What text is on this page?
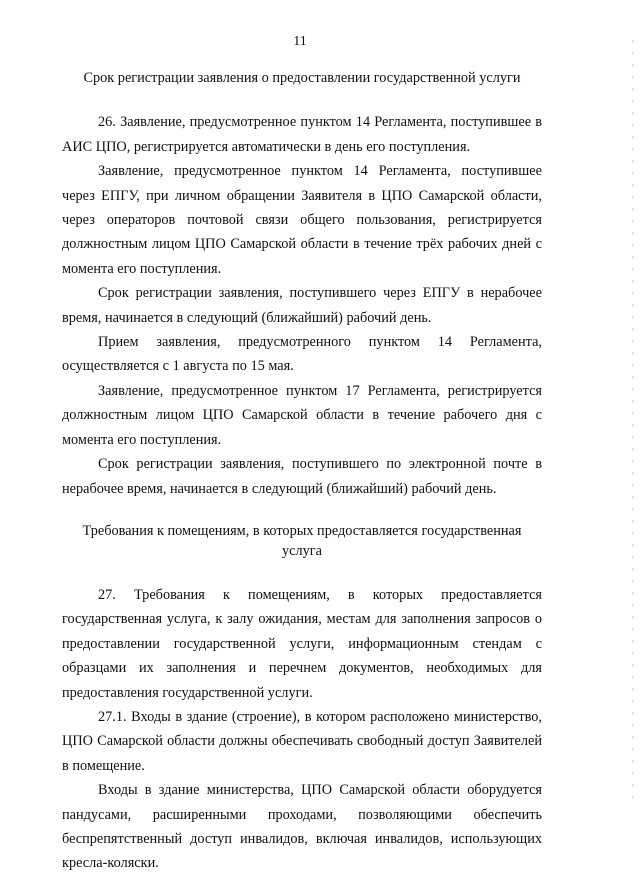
11

Срок регистрации заявления о предоставлении государственной услуги

26. Заявление, предусмотренное пунктом 14 Регламента, поступившее в АИС ЦПО, регистрируется автоматически в день его поступления.

Заявление, предусмотренное пунктом 14 Регламента, поступившее через ЕПГУ, при личном обращении Заявителя в ЦПО Самарской области, через операторов почтовой связи общего пользования, регистрируется должностным лицом ЦПО Самарской области в течение трёх рабочих дней с момента его поступления.

Срок регистрации заявления, поступившего через ЕПГУ в нерабочее время, начинается в следующий (ближайший) рабочий день.

Прием заявления, предусмотренного пунктом 14 Регламента, осуществляется с 1 августа по 15 мая.

Заявление, предусмотренное пунктом 17 Регламента, регистрируется должностным лицом ЦПО Самарской области в течение рабочего дня с момента его поступления.

Срок регистрации заявления, поступившего по электронной почте в нерабочее время, начинается в следующий (ближайший) рабочий день.

Требования к помещениям, в которых предоставляется государственная услуга

27. Требования к помещениям, в которых предоставляется государственная услуга, к залу ожидания, местам для заполнения запросов о предоставлении государственной услуги, информационным стендам с образцами их заполнения и перечнем документов, необходимых для предоставления государственной услуги.

27.1. Входы в здание (строение), в котором расположено министерство, ЦПО Самарской области должны обеспечивать свободный доступ Заявителей в помещение.

Входы в здание министерства, ЦПО Самарской области оборудуется пандусами, расширенными проходами, позволяющими обеспечить беспрепятственный доступ инвалидов, включая инвалидов, использующих кресла-коляски.
